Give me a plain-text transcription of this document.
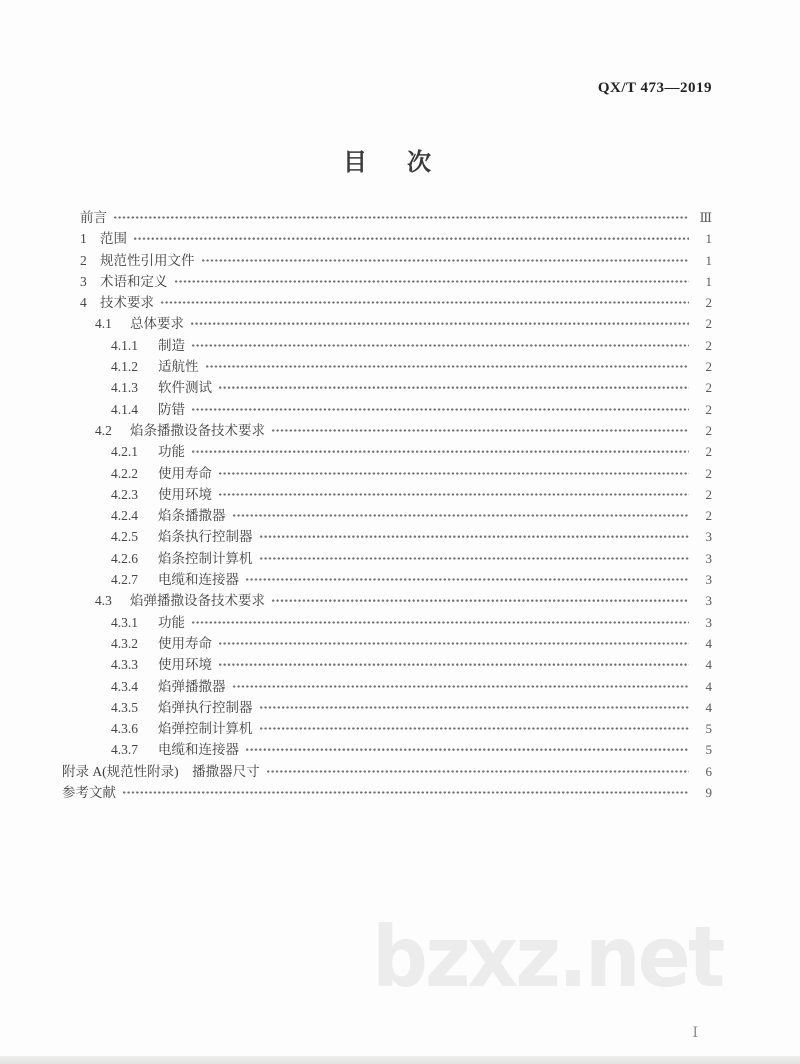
QX/T 473—2019
目　次
前言	Ⅲ
1 范围	1
2 规范性引用文件	1
3 术语和定义	1
4 技术要求	2
4.1	总体要求	2
4.1.1	制造	2
4.1.2	适航性	2
4.1.3	软件测试	2
4.1.4	防错	2
4.2	焰条播撒设备技术要求	2
4.2.1	功能	2
4.2.2	使用寿命	2
4.2.3	使用环境	2
4.2.4	焰条播撒器	2
4.2.5	焰条执行控制器	3
4.2.6	焰条控制计算机	3
4.2.7	电缆和连接器	3
4.3	焰弹播撒设备技术要求	3
4.3.1	功能	3
4.3.2	使用寿命	4
4.3.3	使用环境	4
4.3.4	焰弹播撒器	4
4.3.5	焰弹执行控制器	4
4.3.6	焰弹控制计算机	5
4.3.7	电缆和连接器	5
附录 A(规范性附录)　播撒器尺寸	6
参考文献	9
bzxz.net
Ⅰ
